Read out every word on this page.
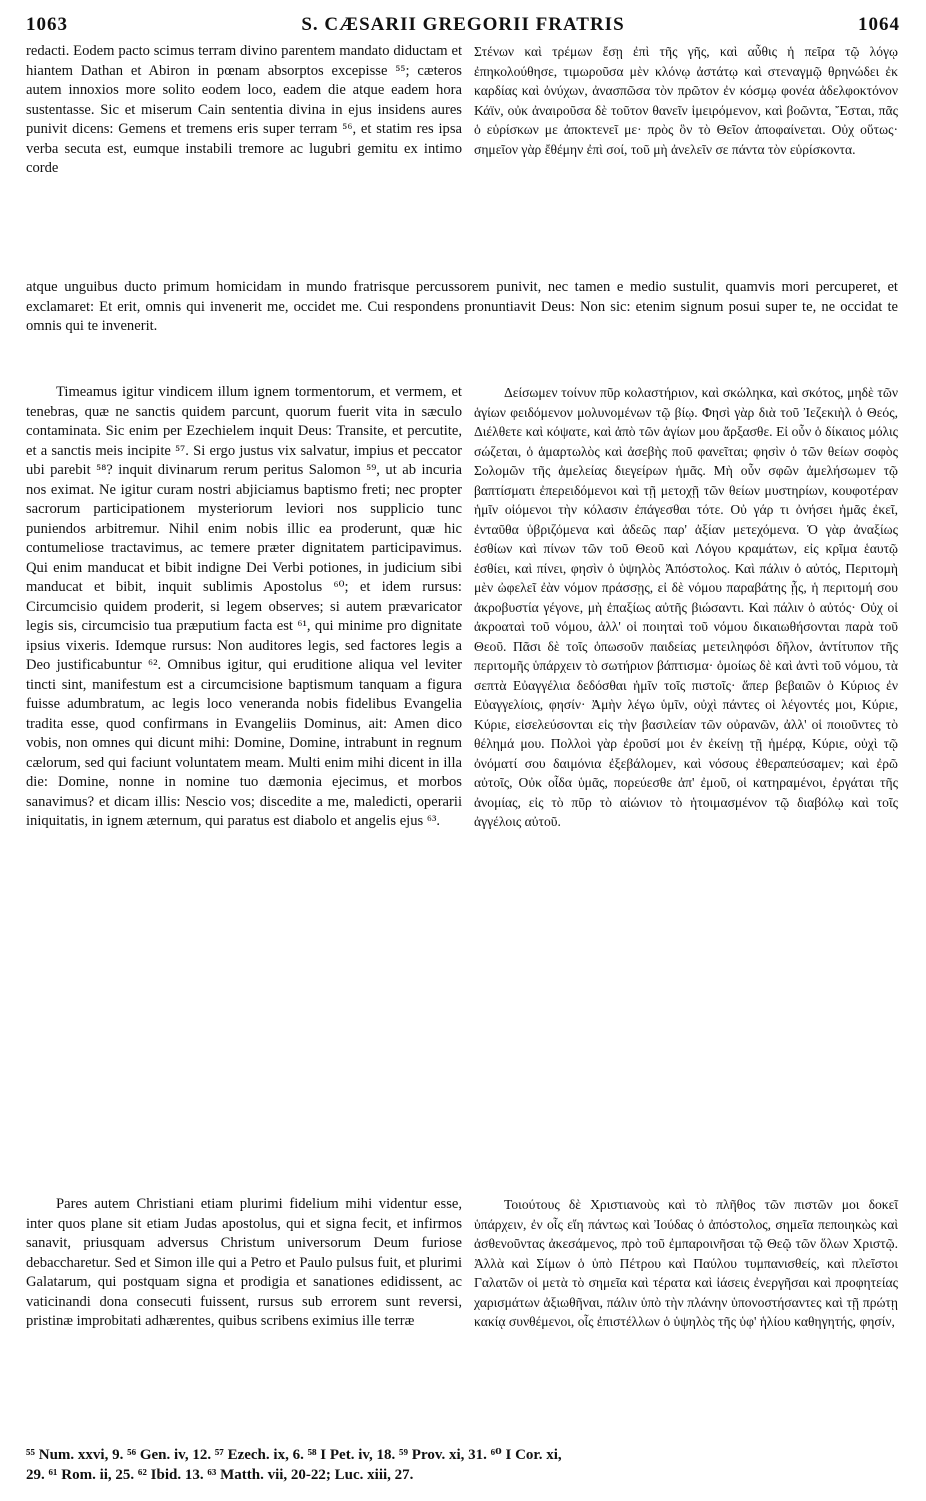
1063	S. CÆSARII GREGORII FRATRIS	1064

redacti. Eodem pacto scimus terram divino parentem mandato diductam et hiantem Dathan et Abiron in pœnam absorptos excepisse ⁵⁵; cæteros autem innoxios more solito eodem loco, eadem die atque eadem hora sustentasse. Sic et miserum Cain sententia divina in ejus insidens aures punivit dicens: Gemens et tremens eris super terram ⁵⁶, et statim res ipsa verba secuta est, eumque instabili tremore ac lugubri gemitu ex intimo corde

Στένων καὶ τρέμων ἔσῃ ἐπὶ τῆς γῆς, καὶ αὖθις ἡ πεῖρα τῷ λόγῳ ἐπηκολούθησε, τιμωροῦσα μὲν κλόνῳ ἀστάτῳ καὶ στεναγμῷ θρηνώδει ἐκ καρδίας καὶ ὀνύχων, ἀνασπῶσα τὸν πρῶτον ἐν κόσμῳ φονέα ἀδελφοκτόνον Κάϊν, οὐκ ἀναιροῦσα δὲ τοῦτον θανεῖν ἱμειρόμενον, καὶ βοῶντα, Ἔσται, πᾶς ὁ εὑρίσκων με ἀποκτενεῖ με· πρὸς ὃν τὸ Θεῖον ἀποφαίνεται. Οὐχ οὕτως· σημεῖον γὰρ ἔθέμην ἐπὶ σοί, τοῦ μὴ ἀνελεῖν σε πάντα τὸν εὑρίσκοντα.

atque unguibus ducto primum homicidam in mundo fratrisque percussorem punivit, nec tamen e medio sustulit, quamvis mori percuperet, et exclamaret: Et erit, omnis qui invenerit me, occidet me. Cui respondens pronuntiavit Deus: Non sic: etenim signum posui super te, ne occidat te omnis qui te invenerit.

Timeamus igitur vindicem illum ignem tormentorum, et vermem, et tenebras, quæ ne sanctis quidem parcunt, quorum fuerit vita in sæculo contaminata. Sic enim per Ezechielem inquit Deus: Transite, et percutite, et a sanctis meis incipite ⁵⁷. Si ergo justus vix salvatur, impius et peccator ubi parebit ⁵⁸? inquit divinarum rerum peritus Salomon ⁵⁹, ut ab incuria nos eximat. Ne igitur curam nostri abjiciamus baptismo freti; nec propter sacrorum participationem mysteriorum leviori nos supplicio tunc puniendos arbitremur. Nihil enim nobis illic ea proderunt, quæ hic contumeliose tractavimus, ac temere præter dignitatem participavimus. Qui enim manducat et bibit indigne Dei Verbi potiones, in judicium sibi manducat et bibit, inquit sublimis Apostolus ⁶⁰; et idem rursus: Circumcisio quidem proderit, si legem observes; si autem prævaricator legis sis, circumcisio tua præputium facta est ⁶¹, qui minime pro dignitate ipsius vixeris. Idemque rursus: Non auditores legis, sed factores legis a Deo justificabuntur ⁶². Omnibus igitur, qui eruditione aliqua vel leviter tincti sint, manifestum est a circumcisione baptismum tanquam a figura fuisse adumbratum, ac legis loco veneranda nobis fidelibus Evangelia tradita esse, quod confirmans in Evangeliis Dominus, ait: Amen dico vobis, non omnes qui dicunt mihi: Domine, Domine, intrabunt in regnum cælorum, sed qui faciunt voluntatem meam. Multi enim mihi dicent in illa die: Domine, nonne in nomine tuo dæmonia ejecimus, et morbos sanavimus? et dicam illis: Nescio vos; discedite a me, maledicti, operarii iniquitatis, in ignem æternum, qui paratus est diabolo et angelis ejus ⁶³.

Δείσωμεν τοίνυν πῦρ κολαστήριον, καὶ σκώληκα, καὶ σκότος, μηδὲ τῶν ἁγίων φειδόμενον μολυνομένων τῷ βίῳ. Φησὶ γὰρ διὰ τοῦ Ἰεζεκιὴλ ὁ Θεός, Διέλθετε καὶ κόψατε, καὶ ἀπὸ τῶν ἁγίων μου ἄρξασθε. Εἰ οὖν ὁ δίκαιος μόλις σώζεται, ὁ ἁμαρτωλὸς καὶ ἀσεβὴς ποῦ φανεῖται; φησὶν ὁ τῶν θείων σοφὸς Σολομῶν τῆς ἀμελείας διεγείρων ἡμᾶς. Μὴ οὖν σφῶν ἀμελήσωμεν τῷ βαπτίσματι ἐπερειδόμενοι καὶ τῇ μετοχῇ τῶν θείων μυστηρίων, κουφοτέραν ἡμῖν οἰόμενοι τὴν κόλασιν ἐπάγεσθαι τότε. Οὐ γάρ τι ὀνήσει ἡμᾶς ἐκεῖ, ἐνταῦθα ὑβριζόμενα καὶ ἀδεῶς παρ' ἀξίαν μετεχόμενα. Ὁ γὰρ ἀναξίως ἐσθίων καὶ πίνων τῶν τοῦ Θεοῦ καὶ Λόγου κραμάτων, εἰς κρῖμα ἑαυτῷ ἐσθίει, καὶ πίνει, φησὶν ὁ ὑψηλὸς Ἀπόστολος. Καὶ πάλιν ὁ αὐτός, Περιτομὴ μὲν ὠφελεῖ ἐὰν νόμον πράσσῃς, εἰ δὲ νόμου παραβάτης ᾖς, ἡ περιτομή σου ἀκροβυστία γέγονε, μὴ ἐπαξίως αὐτῆς βιώσαντι. Καὶ πάλιν ὁ αὐτός· Οὐχ οἱ ἀκροαταὶ τοῦ νόμου, ἀλλ' οἱ ποιηταὶ τοῦ νόμου δικαιωθήσονται παρὰ τοῦ Θεοῦ. Πᾶσι δὲ τοῖς ὁπωσοῦν παιδείας μετειληφόσι δῆλον, ἀντίτυπον τῆς περιτομῆς ὑπάρχειν τὸ σωτήριον βάπτισμα· ὁμοίως δὲ καὶ ἀντὶ τοῦ νόμου, τὰ σεπτὰ Εὐαγγέλια δεδόσθαι ἡμῖν τοῖς πιστοῖς· ἅπερ βεβαιῶν ὁ Κύριος ἐν Εὐαγγελίοις, φησίν· Ἀμὴν λέγω ὑμῖν, οὐχὶ πάντες οἱ λέγοντές μοι, Κύριε, Κύριε, εἰσελεύσονται εἰς τὴν βασιλείαν τῶν οὐρανῶν, ἀλλ' οἱ ποιοῦντες τὸ θέλημά μου. Πολλοὶ γὰρ ἐροῦσί μοι ἐν ἐκείνῃ τῇ ἡμέρᾳ, Κύριε, οὐχὶ τῷ ὀνόματί σου δαιμόνια ἐξεβάλομεν, καὶ νόσους ἐθεραπεύσαμεν; καὶ ἐρῶ αὐτοῖς, Οὐκ οἶδα ὑμᾶς, πορεύεσθε ἀπ' ἐμοῦ, οἱ κατηραμένοι, ἐργάται τῆς ἀνομίας, εἰς τὸ πῦρ τὸ αἰώνιον τὸ ἡτοιμασμένον τῷ διαβόλῳ καὶ τοῖς ἀγγέλοις αὐτοῦ.

Pares autem Christiani etiam plurimi fidelium mihi videntur esse, inter quos plane sit etiam Judas apostolus, qui et signa fecit, et infirmos sanavit, priusquam adversus Christum universorum Deum furiose debaccharetur. Sed et Simon ille qui a Petro et Paulo pulsus fuit, et plurimi Galatarum, qui postquam signa et prodigia et sanationes edidissent, ac vaticinandi dona consecuti fuissent, rursus sub errorem sunt reversi, pristinæ improbitati adhærentes, quibus scribens eximius ille terræ

Τοιούτους δὲ Χριστιανοὺς καὶ τὸ πλῆθος τῶν πιστῶν μοι δοκεῖ ὑπάρχειν, ἐν οἷς εἴη πάντως καὶ Ἰούδας ὁ ἀπόστολος, σημεῖα πεποιηκὼς καὶ ἀσθενοῦντας ἀκεσάμενος, πρὸ τοῦ ἐμπαροινῆσαι τῷ Θεῷ τῶν ὅλων Χριστῷ. Ἀλλὰ καὶ Σίμων ὁ ὑπὸ Πέτρου καὶ Παύλου τυμπανισθείς, καὶ πλεῖστοι Γαλατῶν οἱ μετὰ τὸ σημεῖα καὶ τέρατα καὶ ἰάσεις ἐνεργῆσαι καὶ προφητείας χαρισμάτων ἀξιωθῆναι, πάλιν ὑπὸ τὴν πλάνην ὑπονοστήσαντες καὶ τῇ πρώτῃ κακίᾳ συνθέμενοι, οἷς ἐπιστέλλων ὁ ὑψηλὸς τῆς ὑφ' ἡλίου καθηγητής, φησίν,

⁵⁵ Num. xxvi, 9. ⁵⁶ Gen. iv, 12. ⁵⁷ Ezech. ix, 6. ⁵⁸ I Pet. iv, 18. ⁵⁹ Prov. xi, 31. ⁶⁰ I Cor. xi,
29. ⁶¹ Rom. ii, 25. ⁶² Ibid. 13. ⁶³ Matth. vii, 20-22; Luc. xiii, 27.
